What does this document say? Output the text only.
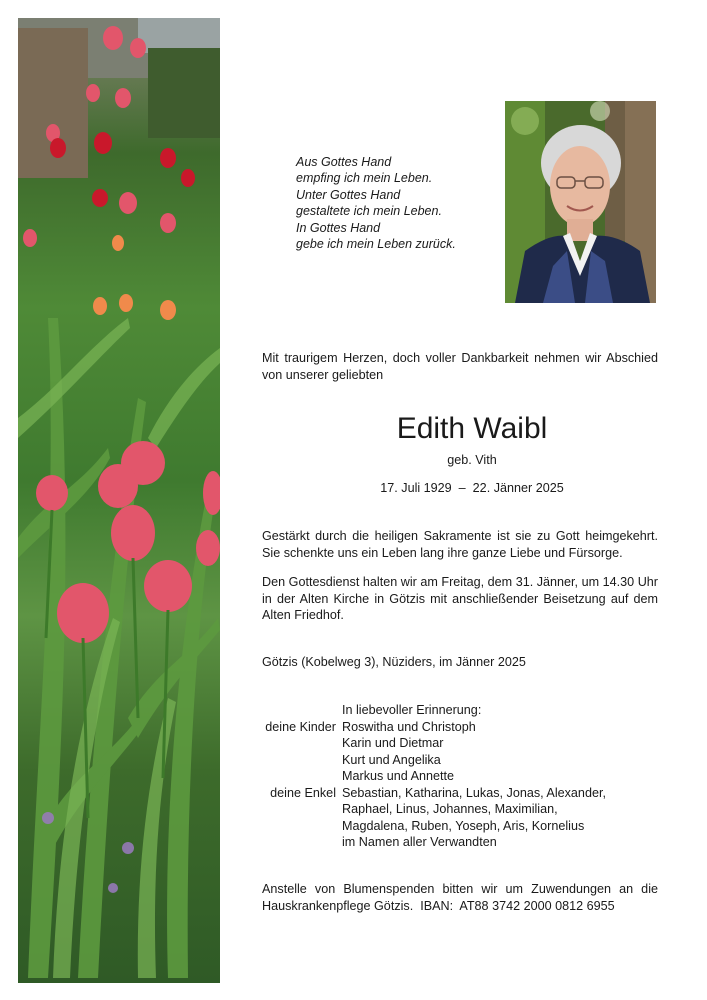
Aus Gottes Hand
empfing ich mein Leben.
Unter Gottes Hand
gestaltete ich mein Leben.
In Gottes Hand
gebe ich mein Leben zurück.
Mit traurigem Herzen, doch voller Dankbarkeit nehmen wir Abschied von unserer geliebten
Edith Waibl
geb. Vith
17. Juli 1929  –  22. Jänner 2025
Gestärkt durch die heiligen Sakramente ist sie zu Gott heimgekehrt. Sie schenkte uns ein Leben lang ihre ganze Liebe und Fürsorge.
Den Gottesdienst halten wir am Freitag, dem 31. Jänner, um 14.30 Uhr in der Alten Kirche in Götzis mit anschließender Beisetzung auf dem Alten Friedhof.
Götzis (Kobelweg 3), Nüziders, im Jänner 2025
In liebevoller Erinnerung:
deine Kinder Roswitha und Christoph
Karin und Dietmar
Kurt und Angelika
Markus und Annette
deine Enkel Sebastian, Katharina, Lukas, Jonas, Alexander,
Raphael, Linus, Johannes, Maximilian,
Magdalena, Ruben, Yoseph, Aris, Kornelius
im Namen aller Verwandten
Anstelle von Blumenspenden bitten wir um Zuwendungen an die Hauskrankenpflege Götzis.  IBAN:  AT88 3742 2000 0812 6955
